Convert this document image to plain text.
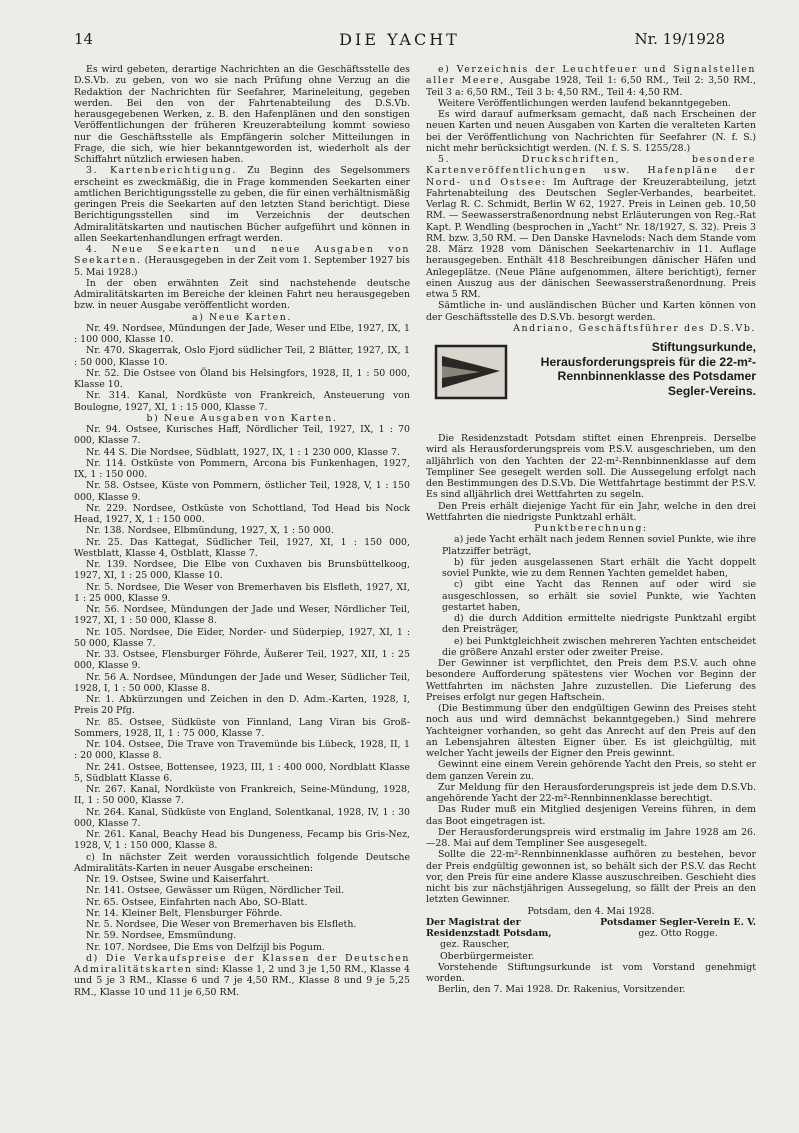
14	DIE YACHT	Nr. 19/1928

Es wird gebeten, derartige Nachrichten an die Geschäftsstelle des D.S.Vb. zu geben, von wo sie nach Prüfung ohne Verzug an die Redaktion der Nachrichten für Seefahrer, Marineleitung, gegeben werden. Bei den von der Fahrtenabteilung des D.S.Vb. herausgegebenen Werken, z. B. den Hafenplänen und den sonstigen Veröffentlichungen der früheren Kreuzerabteilung kommt sowieso nur die Geschäftsstelle als Empfängerin solcher Mitteilungen in Frage, die sich, wie hier bekanntgeworden ist, wiederholt als der Schiffahrt nützlich erwiesen haben.

3. Kartenberichtigung. Zu Beginn des Segelsommers erscheint es zweckmäßig, die in Frage kommenden Seekarten einer amtlichen Berichtigungsstelle zu geben, die für einen verhältnismäßig geringen Preis die Seekarten auf den letzten Stand berichtigt. Diese Berichtigungsstellen sind im Verzeichnis der deutschen Admiralitätskarten und nautischen Bücher aufgeführt und können in allen Seekartenhandlungen erfragt werden.

4. Neue Seekarten und neue Ausgaben von Seekarten. (Herausgegeben in der Zeit vom 1. September 1927 bis 5. Mai 1928.)

In der oben erwähnten Zeit sind nachstehende deutsche Admiralitätskarten im Bereiche der kleinen Fahrt neu herausgegeben bzw. in neuer Ausgabe veröffentlicht worden.

a) Neue Karten.

Nr. 49. Nordsee, Mündungen der Jade, Weser und Elbe, 1927, IX, 1 : 100 000, Klasse 10.

Nr. 470. Skagerrak, Oslo Fjord südlicher Teil, 2 Blätter, 1927, IX, 1 : 50 000, Klasse 10.

Nr. 52. Die Ostsee von Öland bis Helsingfors, 1928, II, 1 : 50 000, Klasse 10.

Nr. 314. Kanal, Nordküste von Frankreich, Ansteuerung von Boulogne, 1927, XI, 1 : 15 000, Klasse 7.

b) Neue Ausgaben von Karten.

Nr. 94. Ostsee, Kurisches Haff, Nördlicher Teil, 1927, IX, 1 : 70 000, Klasse 7.

Nr. 44 S. Die Nordsee, Südblatt, 1927, IX, 1 : 1 230 000, Klasse 7.

Nr. 114. Ostküste von Pommern, Arcona bis Funkenhagen, 1927, IX, 1 : 150 000.

Nr. 58. Ostsee, Küste von Pommern, östlicher Teil, 1928, V, 1 : 150 000, Klasse 9.

Nr. 229. Nordsee, Ostküste von Schottland, Tod Head bis Nock Head, 1927, X, 1 : 150 000.

Nr. 138. Nordsee, Elbmündung, 1927, X, 1 : 50 000.

Nr. 25. Das Kattegat, Südlicher Teil, 1927, XI, 1 : 150 000, Westblatt, Klasse 4, Ostblatt, Klasse 7.

Nr. 139. Nordsee, Die Elbe von Cuxhaven bis Brunsbüttelkoog, 1927, XI, 1 : 25 000, Klasse 10.

Nr. 5. Nordsee, Die Weser von Bremerhaven bis Elsfleth, 1927, XI, 1 : 25 000, Klasse 9.

Nr. 56. Nordsee, Mündungen der Jade und Weser, Nördlicher Teil, 1927, XI, 1 : 50 000, Klasse 8.

Nr. 105. Nordsee, Die Eider, Norder- und Süderpiep, 1927, XI, 1 : 50 000, Klasse 7.

Nr. 33. Ostsee, Flensburger Föhrde, Äußerer Teil, 1927, XII, 1 : 25 000, Klasse 9.

Nr. 56 A. Nordsee, Mündungen der Jade und Weser, Südlicher Teil, 1928, I, 1 : 50 000, Klasse 8.

Nr. 1. Abkürzungen und Zeichen in den D. Adm.-Karten, 1928, I, Preis 20 Pfg.

Nr. 85. Ostsee, Südküste von Finnland, Lang Viran bis Groß-Sommers, 1928, II, 1 : 75 000, Klasse 7.

Nr. 104. Ostsee, Die Trave von Travemünde bis Lübeck, 1928, II, 1 : 20 000, Klasse 8.

Nr. 241. Ostsee, Bottensee, 1923, III, 1 : 400 000, Nordblatt Klasse 5, Südblatt Klasse 6.

Nr. 267. Kanal, Nordküste von Frankreich, Seine-Mündung, 1928, II, 1 : 50 000, Klasse 7.

Nr. 264. Kanal, Südküste von England, Solentkanal, 1928, IV, 1 : 30 000, Klasse 7.

Nr. 261. Kanal, Beachy Head bis Dungeness, Fecamp bis Gris-Nez, 1928, V, 1 : 150 000, Klasse 8.

c) In nächster Zeit werden voraussichtlich folgende Deutsche Admiralitäts-Karten in neuer Ausgabe erscheinen:

Nr. 19. Ostsee, Swine und Kaiserfahrt.

Nr. 141. Ostsee, Gewässer um Rügen, Nördlicher Teil.

Nr. 65. Ostsee, Einfahrten nach Abo, SO-Blatt.

Nr. 14. Kleiner Belt, Flensburger Föhrde.

Nr. 5. Nordsee, Die Weser von Bremerhaven bis Elsfleth.

Nr. 59. Nordsee, Emsmündung.

Nr. 107. Nordsee, Die Ems von Delfzijl bis Pogum.

d) Die Verkaufspreise der Klassen der Deutschen Admiralitätskarten sind: Klasse 1, 2 und 3 je 1,50 RM., Klasse 4 und 5 je 3 RM., Klasse 6 und 7 je 4,50 RM., Klasse 8 und 9 je 5,25 RM., Klasse 10 und 11 je 6,50 RM.

e) Verzeichnis der Leuchtfeuer und Signalstellen aller Meere, Ausgabe 1928, Teil 1: 6,50 RM., Teil 2: 3,50 RM., Teil 3 a: 6,50 RM., Teil 3 b: 4,50 RM., Teil 4: 4,50 RM.

Weitere Veröffentlichungen werden laufend bekanntgegeben.

Es wird darauf aufmerksam gemacht, daß nach Erscheinen der neuen Karten und neuen Ausgaben von Karten die veralteten Karten bei der Veröffentlichung von Nachrichten für Seefahrer (N. f. S.) nicht mehr berücksichtigt werden. (N. f. S. S. 1255/28.)

5. Druckschriften, besondere Kartenveröffentlichungen usw. Hafenpläne der Nord- und Ostsee: Im Auftrage der Kreuzerabteilung, jetzt Fahrtenabteilung des Deutschen Segler-Verbandes, bearbeitet. Verlag R. C. Schmidt, Berlin W 62, 1927. Preis in Leinen geb. 10,50 RM. — Seewasserstraßenordnung nebst Erläuterungen von Reg.-Rat Kapt. P. Wendling (besprochen in „Yacht“ Nr. 18/1927, S. 32). Preis 3 RM. bzw. 3,50 RM. — Den Danske Havnelods: Nach dem Stande vom 28. März 1928 vom Dänischen Seekartenarchiv in 11. Auflage herausgegeben. Enthält 418 Beschreibungen dänischer Häfen und Anlegeplätze. (Neue Pläne aufgenommen, ältere berichtigt), ferner einen Auszug aus der dänischen Seewasserstraßenordnung. Preis etwa 5 RM.

Sämtliche in- und ausländischen Bücher und Karten können von der Geschäftsstelle des D.S.Vb. besorgt werden.

Andriano, Geschäftsführer des D.S.Vb.

Stiftungsurkunde, Herausforderungspreis für die 22-m²-Rennbinnenklasse des Potsdamer Segler-Vereins.

Die Residenzstadt Potsdam stiftet einen Ehrenpreis. Derselbe wird als Herausforderungspreis vom P.S.V. ausgeschrieben, um den alljährlich von den Yachten der 22-m²-Rennbinnenklasse auf dem Templiner See gesegelt werden soll. Die Aussegelung erfolgt nach den Bestimmungen des D.S.Vb. Die Wettfahrtage bestimmt der P.S.V. Es sind alljährlich drei Wettfahrten zu segeln.

Den Preis erhält diejenige Yacht für ein Jahr, welche in den drei Wettfahrten die niedrigste Punktzahl erhält.

Punktberechnung:

a) jede Yacht erhält nach jedem Rennen soviel Punkte, wie ihre Platzziffer beträgt,

b) für jeden ausgelassenen Start erhält die Yacht doppelt soviel Punkte, wie zu dem Rennen Yachten gemeldet haben,

c) gibt eine Yacht das Rennen auf oder wird sie ausgeschlossen, so erhält sie soviel Punkte, wie Yachten gestartet haben,

d) die durch Addition ermittelte niedrigste Punktzahl ergibt den Preisträger,

e) bei Punktgleichheit zwischen mehreren Yachten entscheidet die größere Anzahl erster oder zweiter Preise.

Der Gewinner ist verpflichtet, den Preis dem P.S.V. auch ohne besondere Aufforderung spätestens vier Wochen vor Beginn der Wettfahrten im nächsten Jahre zuzustellen. Die Lieferung des Preises erfolgt nur gegen Haftschein.

(Die Bestimmung über den endgültigen Gewinn des Preises steht noch aus und wird demnächst bekanntgegeben.) Sind mehrere Yachteigner vorhanden, so geht das Anrecht auf den Preis auf den an Lebensjahren ältesten Eigner über. Es ist gleichgültig, mit welcher Yacht jeweils der Eigner den Preis gewinnt.

Gewinnt eine einem Verein gehörende Yacht den Preis, so steht er dem ganzen Verein zu.

Zur Meldung für den Herausforderungspreis ist jede dem D.S.Vb. angehörende Yacht der 22-m²-Rennbinnenklasse berechtigt.

Das Ruder muß ein Mitglied desjenigen Vereins führen, in dem das Boot eingetragen ist.

Der Herausforderungspreis wird erstmalig im Jahre 1928 am 26.—28. Mai auf dem Templiner See ausgesegelt.

Sollte die 22-m²-Rennbinnenklasse aufhören zu bestehen, bevor der Preis endgültig gewonnen ist, so behält sich der P.S.V. das Recht vor, den Preis für eine andere Klasse auszuschreiben. Geschieht dies nicht bis zur nächstjährigen Aussegelung, so fällt der Preis an den letzten Gewinner.

Potsdam, den 4. Mai 1928.

Der Magistrat der
Residenzstadt Potsdam,
gez. Rauscher,
Oberbürgermeister.
Potsdamer Segler-Verein E. V.
gez. Otto Rogge.

Vorstehende Stiftungsurkunde ist vom Vorstand genehmigt worden.

Berlin, den 7. Mai 1928. Dr. Rakenius, Vorsitzender.
